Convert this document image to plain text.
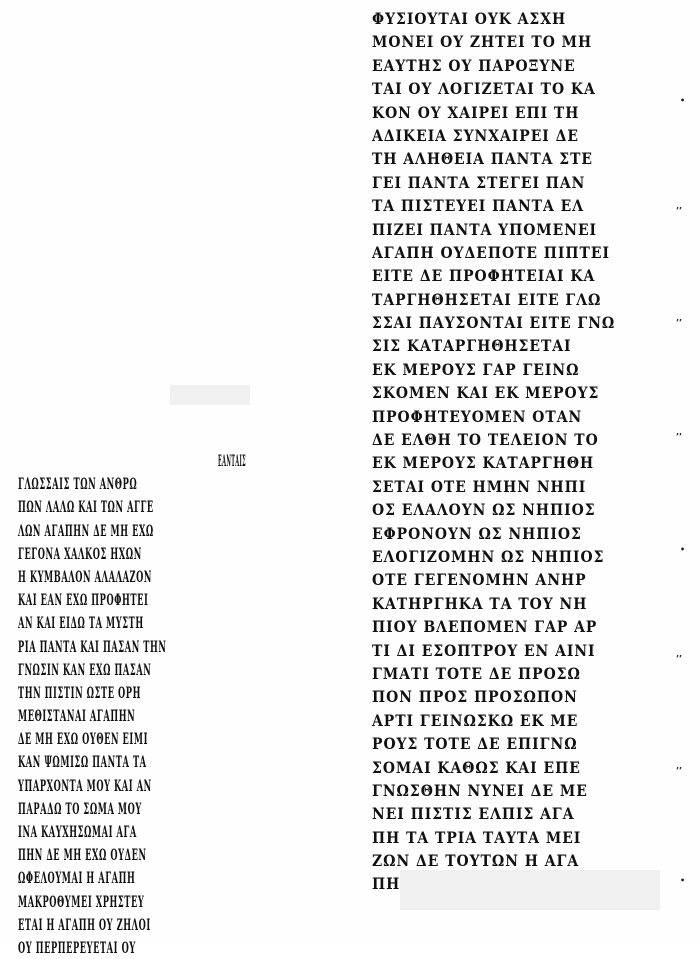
ΕΑΝΤΑΙΣ
ΓΛΩΣΣΑΙΣ ΤΩΝ ΑΝΘΡΩ
ΠΩΝ ΛΑΛΩ ΚΑΙ ΤΩΝ ΑΓΓΕ
ΛΩΝ ΑΓΑΠΗΝ ΔΕ ΜΗ ΕΧΩ
ΓΕΓΟΝΑ ΧΑΛΚΟΣ ΗΧΩΝ
Η ΚΥΜΒΑΛΟΝ ΑΛΑΛΑΖΟΝ
ΚΑΙ ΕΑΝ ΕΧΩ ΠΡΟΦΗΤΕΙ
ΑΝ ΚΑΙ ΕΙΔΩ ΤΑ ΜΥΣΤΗ
ΡΙΑ ΠΑΝΤΑ ΚΑΙ ΠΑΣΑΝ ΤΗΝ
ΓΝΩΣΙΝ ΚΑΝ ΕΧΩ ΠΑΣΑΝ
ΤΗΝ ΠΙΣΤΙΝ ΩΣΤΕ ΟΡΗ
ΜΕΘΙΣΤΑΝΑΙ ΑΓΑΠΗΝ
ΔΕ ΜΗ ΕΧΩ ΟΥΘΕΝ ΕΙΜΙ
ΚΑΝ ΨΩΜΙΣΩ ΠΑΝΤΑ ΤΑ
ΥΠΑΡΧΟΝΤΑ ΜΟΥ ΚΑΙ ΑΝ
ΠΑΡΑΔΩ ΤΟ ΣΩΜΑ ΜΟΥ
ΙΝΑ ΚΑΥΧΗΣΩΜΑΙ ΑΓΑ
ΠΗΝ ΔΕ ΜΗ ΕΧΩ ΟΥΔΕΝ
ΩΦΕΛΟΥΜΑΙ Η ΑΓΑΠΗ
ΜΑΚΡΟΘΥΜΕΙ ΧΡΗΣΤΕΥ
ΕΤΑΙ Η ΑΓΑΠΗ ΟΥ ΖΗΛΟΙ
ΟΥ ΠΕΡΠΕΡΕΥΕΤΑΙ ΟΥ
ΦΥΣΙΟΥΤΑΙ ΟΥΚ ΑΣΧΗ
ΜΟΝΕΙ ΟΥ ΖΗΤΕΙ ΤΟ ΜΗ
ΕΑΥΤΗΣ ΟΥ ΠΑΡΟΞΥΝΕ
ΤΑΙ ΟΥ ΛΟΓΙΖΕΤΑΙ ΤΟ ΚΑ
ΚΟΝ ΟΥ ΧΑΙΡΕΙ ΕΠΙ ΤΗ
ΑΔΙΚΕΙΑ ΣΥΝΧΑΙΡΕΙ ΔΕ
ΤΗ ΑΛΗΘΕΙΑ ΠΑΝΤΑ ΣΤΕ
ΓΕΙ ΠΑΝΤΑ ΣΤΕΓΕΙ ΠΑΝ
ΤΑ ΠΙΣΤΕΥΕΙ ΠΑΝΤΑ ΕΛ
ΠΙΖΕΙ ΠΑΝΤΑ ΥΠΟΜΕΝΕΙ
ΑΓΑΠΗ ΟΥΔΕΠΟΤΕ ΠΙΠΤΕΙ
ΕΙΤΕ ΔΕ ΠΡΟΦΗΤΕΙΑΙ ΚΑ
ΤΑΡΓΗΘΗΣΕΤΑΙ ΕΙΤΕ ΓΛΩ
ΣΣΑΙ ΠΑΥΣΟΝΤΑΙ ΕΙΤΕ ΓΝΩ
ΣΙΣ ΚΑΤΑΡΓΗΘΗΣΕΤΑΙ
ΕΚ ΜΕΡΟΥΣ ΓΑΡ ΓΕΙΝΩ
ΣΚΟΜΕΝ ΚΑΙ ΕΚ ΜΕΡΟΥΣ
ΠΡΟΦΗΤΕΥΟΜΕΝ ΟΤΑΝ
ΔΕ ΕΛΘΗ ΤΟ ΤΕΛΕΙΟΝ ΤΟ
ΕΚ ΜΕΡΟΥΣ ΚΑΤΑΡΓΗΘΗ
ΣΕΤΑΙ ΟΤΕ ΗΜΗΝ ΝΗΠΙ
ΟΣ ΕΛΑΛΟΥΝ ΩΣ ΝΗΠΙΟΣ
ΕΦΡΟΝΟΥΝ ΩΣ ΝΗΠΙΟΣ
ΕΛΟΓΙΖΟΜΗΝ ΩΣ ΝΗΠΙΟΣ
ΟΤΕ ΓΕΓΕΝΟΜΗΝ ΑΝΗΡ
ΚΑΤΗΡΓΗΚΑ ΤΑ ΤΟΥ ΝΗ
ΠΙΟΥ ΒΛΕΠΟΜΕΝ ΓΑΡ ΑΡ
ΤΙ ΔΙ ΕΣΟΠΤΡΟΥ ΕΝ ΑΙΝΙ
ΓΜΑΤΙ ΤΟΤΕ ΔΕ ΠΡΟΣΩ
ΠΟΝ ΠΡΟΣ ΠΡΟΣΩΠΟΝ
ΑΡΤΙ ΓΕΙΝΩΣΚΩ ΕΚ ΜΕ
ΡΟΥΣ ΤΟΤΕ ΔΕ ΕΠΙΓΝΩ
ΣΟΜΑΙ ΚΑΘΩΣ ΚΑΙ ΕΠΕ
ΓΝΩΣΘΗΝ ΝΥΝΕΙ ΔΕ ΜΕ
ΝΕΙ ΠΙΣΤΙΣ ΕΛΠΙΣ ΑΓΑ
ΠΗ ΤΑ ΤΡΙΑ ΤΑΥΤΑ ΜΕΙ
ΖΩΝ ΔΕ ΤΟΥΤΩΝ Η ΑΓΑ
ΠΗ
•
ʼʼ
ʼʼ
ʼʼ
•
ʼʼ
ʼʼ
•
